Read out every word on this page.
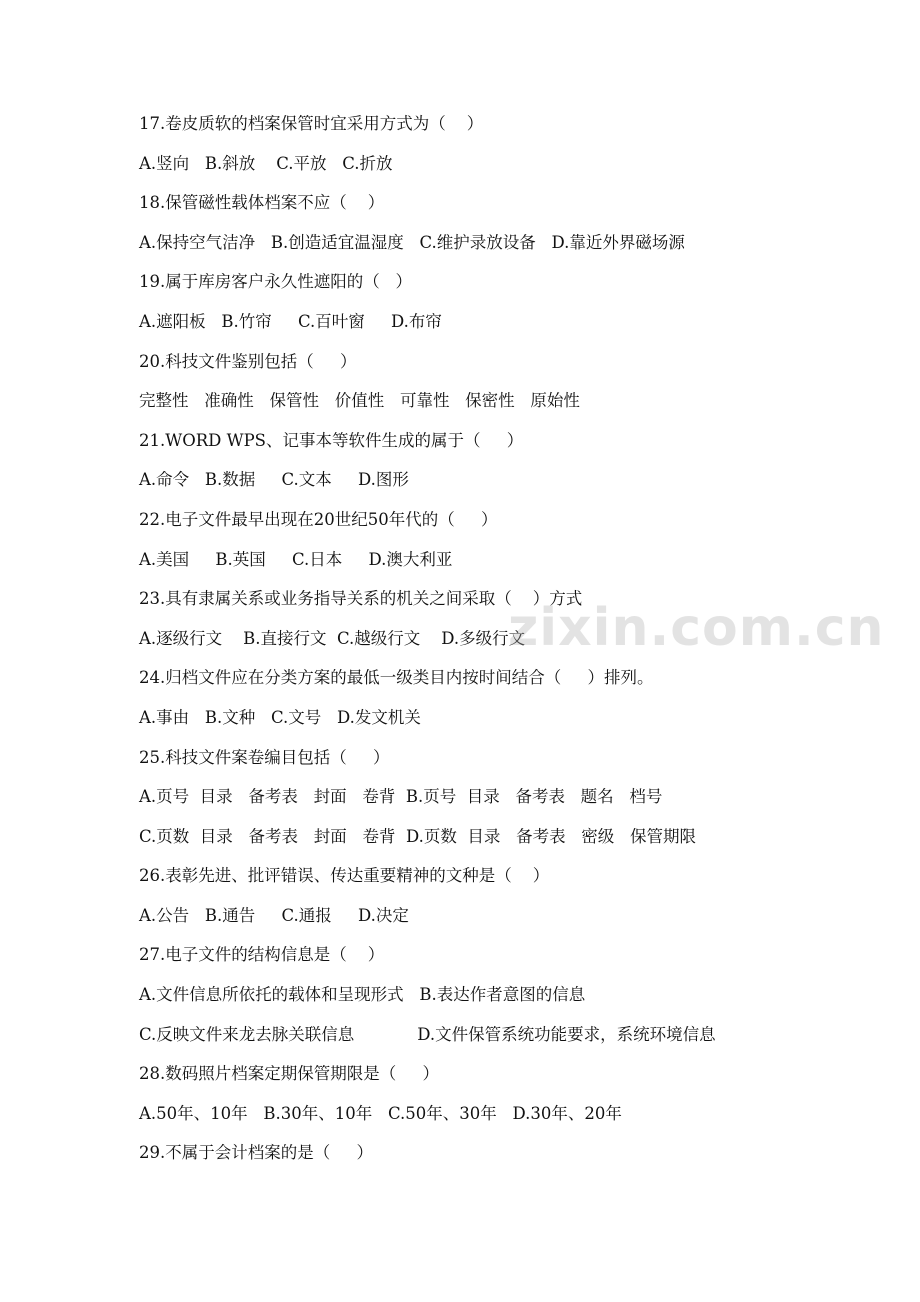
17.卷皮质软的档案保管时宜采用方式为（    ）
A.竖向   B.斜放    C.平放   C.折放
18.保管磁性载体档案不应（    ）
A.保持空气洁净   B.创造适宜温湿度   C.维护录放设备   D.靠近外界磁场源
19.属于库房客户永久性遮阳的（   ）
A.遮阳板   B.竹帘     C.百叶窗     D.布帘
20.科技文件鉴别包括（     ）
完整性   准确性   保管性   价值性   可靠性   保密性   原始性
21.WORD WPS、记事本等软件生成的属于（     ）
A.命令   B.数据     C.文本     D.图形
22.电子文件最早出现在20世纪50年代的（     ）
A.美国     B.英国     C.日本     D.澳大利亚
23.具有隶属关系或业务指导关系的机关之间采取（    ）方式
A.逐级行文    B.直接行文  C.越级行文    D.多级行文
24.归档文件应在分类方案的最低一级类目内按时间结合（     ）排列。
A.事由   B.文种   C.文号   D.发文机关
25.科技文件案卷编目包括（     ）
A.页号  目录   备考表   封面   卷背  B.页号  目录   备考表   题名   档号
C.页数  目录   备考表   封面   卷背  D.页数  目录   备考表   密级   保管期限
26.表彰先进、批评错误、传达重要精神的文种是（    ）
A.公告   B.通告     C.通报     D.决定
27.电子文件的结构信息是（    ）
A.文件信息所依托的载体和呈现形式   B.表达作者意图的信息
C.反映文件来龙去脉关联信息            D.文件保管系统功能要求，系统环境信息
28.数码照片档案定期保管期限是（     ）
A.50年、10年   B.30年、10年   C.50年、30年   D.30年、20年
29.不属于会计档案的是（     ）
zixin.com.cn
